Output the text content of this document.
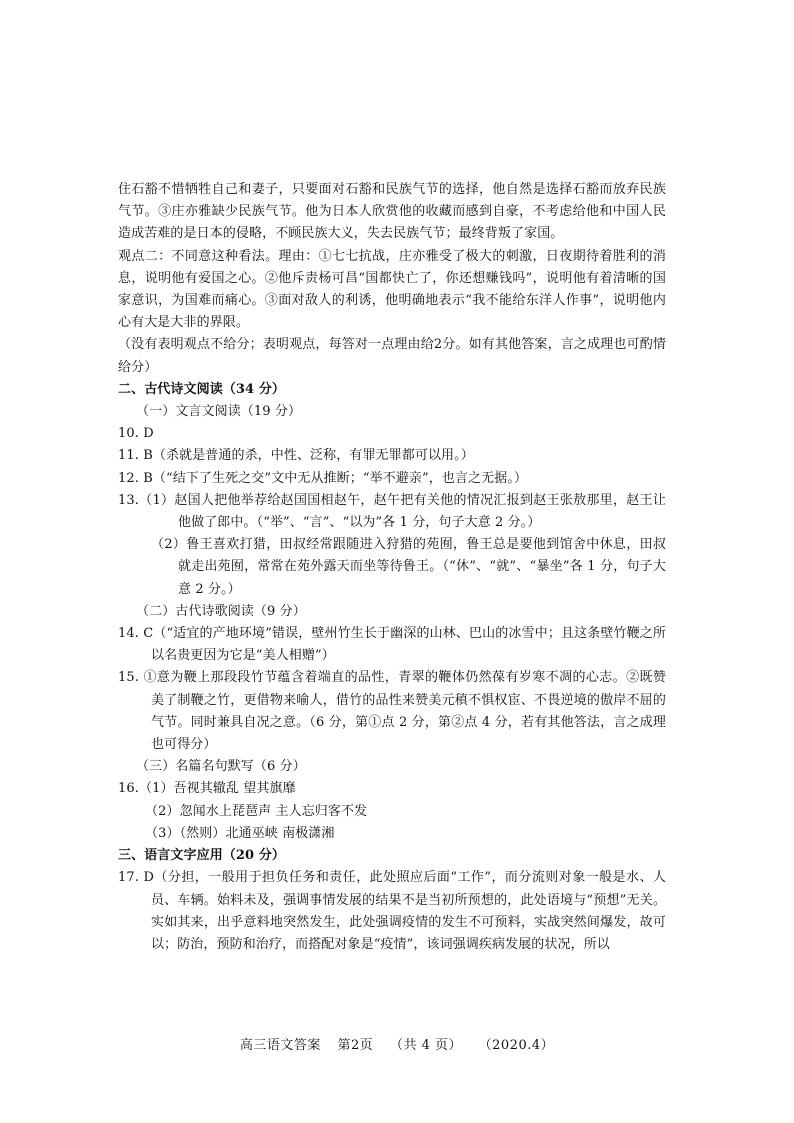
住石豁不惜牺牲自己和妻子，只要面对石豁和民族气节的选择，他自然是选择石豁而放弃民族气节。③庄亦雅缺少民族气节。他为日本人欣赏他的收藏而感到自豪，不考虑给他和中国人民造成苦难的是日本的侵略，不顾民族大义，失去民族气节；最终背叛了家国。

观点二：不同意这种看法。理由：①七七抗战，庄亦雅受了极大的刺激，日夜期待着胜利的消息，说明他有爱国之心。②他斥责杨可昌“国都快亡了，你还想赚钱吗”，说明他有着清晰的国家意识，为国难而痛心。③面对敌人的利诱，他明确地表示“我不能给东洋人作事”，说明他内心有大是大非的界限。

（没有表明观点不给分；表明观点，每答对一点理由给2分。如有其他答案，言之成理也可酌情给分）

二、古代诗文阅读（34 分）

（一）文言文阅读（19 分）

10. D

11. B（杀就是普通的杀，中性、泛称，有罪无罪都可以用。）

12. B（“结下了生死之交”文中无从推断；“举不避亲”，也言之无据。）

13.（1）赵国人把他举荐给赵国国相赵午，赵午把有关他的情况汇报到赵王张敖那里，赵王让他做了郎中。（“举”、“言”、“以为”各 1 分，句子大意 2 分。）

（2）鲁王喜欢打猎，田叔经常跟随进入狩猎的苑囿，鲁王总是要他到馆舍中休息，田叔就走出苑囿，常常在苑外露天而坐等待鲁王。（“休”、“就”、“暴坐”各 1 分，句子大意 2 分。）

（二）古代诗歌阅读（9 分）

14. C（“适宜的产地环境”错误，壁州竹生长于幽深的山林、巴山的冰雪中；且这条壁竹鞭之所以名贵更因为它是“美人相赠”）

15. ①意为鞭上那段段竹节蕴含着端直的品性，青翠的鞭体仍然葆有岁寒不凋的心志。②既赞美了制鞭之竹，更借物来喻人，借竹的品性来赞美元稹不惧权宦、不畏逆境的傲岸不屈的气节。同时兼具自况之意。（6 分，第①点 2 分，第②点 4 分，若有其他答法，言之成理也可得分）

（三）名篇名句默写（6 分）

16.（1）吾视其辙乱 望其旗靡

（2）忽闻水上琵琶声 主人忘归客不发

（3）（然则）北通巫峡 南极潇湘

三、语言文字应用（20 分）

17. D（分担，一般用于担负任务和责任，此处照应后面“工作”，而分流则对象一般是水、人员、车辆。始料未及，强调事情发展的结果不是当初所预想的，此处语境与“预想”无关。实如其来，出乎意料地突然发生，此处强调疫情的发生不可预料，实战突然间爆发，故可以；防治，预防和治疗，而搭配对象是“疫情”，该词强调疾病发展的状况，所以

高三语文答案 第2页 （共 4 页） （2020.4）
